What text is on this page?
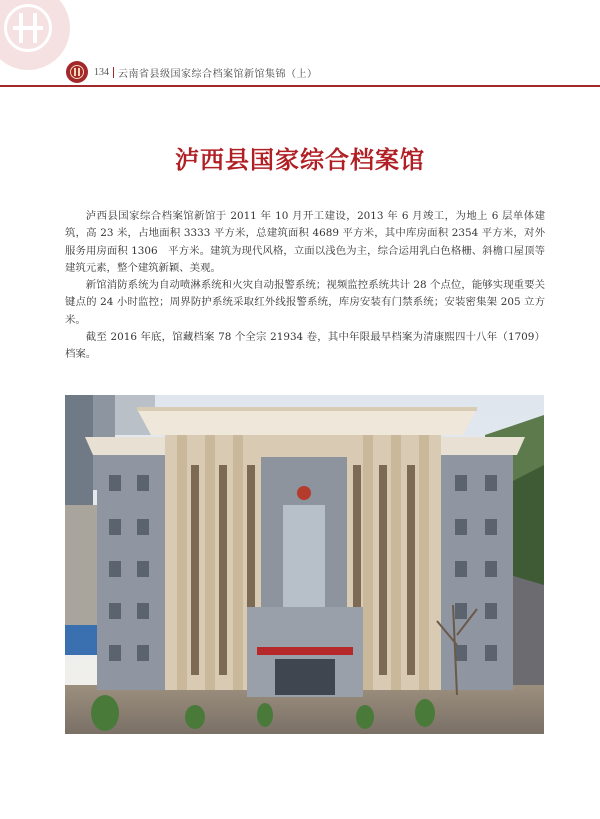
134 云南省县级国家综合档案馆新馆集锦（上）
泸西县国家综合档案馆

泸西县国家综合档案馆新馆于 2011 年 10 月开工建设，2013 年 6 月竣工，为地上 6 层单体建筑，高 23 米，占地面积 3333 平方米，总建筑面积 4689 平方米，其中库房面积 2354 平方米，对外服务用房面积 1306　平方米。建筑为现代风格，立面以浅色为主，综合运用乳白色格栅、斜檐口屋顶等建筑元素，整个建筑新颖、美观。

新馆消防系统为自动喷淋系统和火灾自动报警系统；视频监控系统共计 28 个点位，能够实现重要关键点的 24 小时监控；周界防护系统采取红外线报警系统，库房安装有门禁系统；安装密集架 205 立方米。

截至 2016 年底，馆藏档案 78 个全宗 21934 卷，其中年限最早档案为清康熙四十八年（1709）档案。
